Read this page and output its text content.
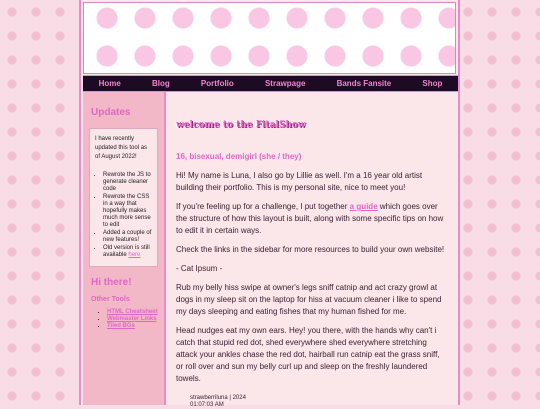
Home	Blog	Portfolio	Strawpage	Bands Fansite	Shop
Updates

I have recently updated this tool as of August 2022!

• Rewrote the JS to generate cleaner code
• Rewrote the CSS in a way that hopefully makes much more sense to edit
• Added a couple of new features!
• Old version is still available here
Hi there!
Other Tools
• HTML Cheatsheet
• Webmaster Links
• Tiled BGs
welcome to the FitalShow
16, bisexual, demigirl (she / they)

Hi! My name is Luna, I also go by Lillie as well. I'm a 16 year old artist building their portfolio. This is my personal site, nice to meet you!

If you're feeling up for a challenge, I put together a guide which goes over the structure of how this layout is built, along with some specific tips on how to edit it in certain ways.

Check the links in the sidebar for more resources to build your own website!

- Cat Ipsum -

Rub my belly hiss swipe at owner's legs sniff catnip and act crazy growl at dogs in my sleep sit on the laptop for hiss at vacuum cleaner i like to spend my days sleeping and eating fishes that my human fished for me.

Head nudges eat my own ears. Hey! you there, with the hands why can't i catch that stupid red dot, shed everywhere shed everywhere stretching attack your ankles chase the red dot, hairball run catnip eat the grass sniff, or roll over and sun my belly curl up and sleep on the freshly laundered towels.

strawberriluna | 2024
01:07:03 AM
